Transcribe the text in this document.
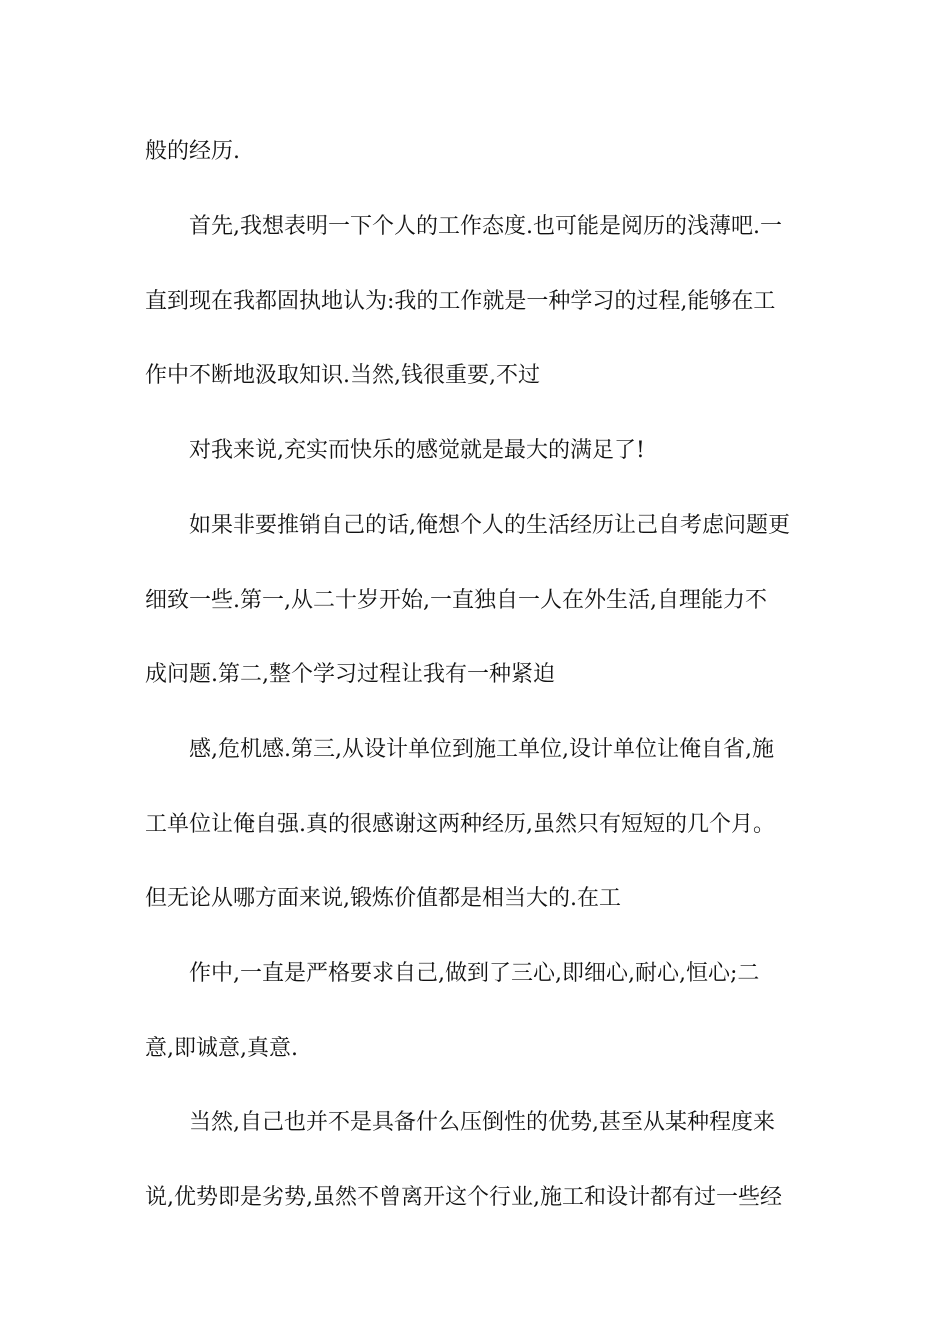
般的经历.
首先,我想表明一下个人的工作态度.也可能是阅历的浅薄吧.一
直到现在我都固执地认为:我的工作就是一种学习的过程,能够在工
作中不断地汲取知识.当然,钱很重要,不过
对我来说,充实而快乐的感觉就是最大的满足了!
如果非要推销自己的话,俺想个人的生活经历让己自考虑问题更
细致一些.第一,从二十岁开始,一直独自一人在外生活,自理能力不
成问题.第二,整个学习过程让我有一种紧迫
感,危机感.第三,从设计单位到施工单位,设计单位让俺自省,施
工单位让俺自强.真的很感谢这两种经历,虽然只有短短的几个月。
但无论从哪方面来说,锻炼价值都是相当大的.在工
作中,一直是严格要求自己,做到了三心,即细心,耐心,恒心;二
意,即诚意,真意.
当然,自己也并不是具备什么压倒性的优势,甚至从某种程度来
说,优势即是劣势,虽然不曾离开这个行业,施工和设计都有过一些经
